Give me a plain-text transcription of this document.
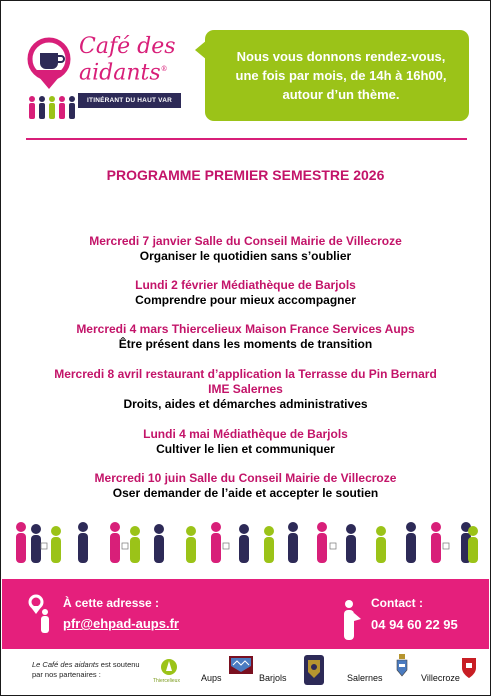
Café des
aidants®
ITINÉRANT DU HAUT VAR
Nous vous donnons rendez-vous,
une fois par mois, de 14h à 16h00,
autour d’un thème.
PROGRAMME PREMIER SEMESTRE 2026
Mercredi 7 janvier Salle du Conseil Mairie de Villecroze
Organiser le quotidien sans s’oublier
Lundi 2 février Médiathèque de Barjols
Comprendre pour mieux accompagner
Mercredi 4 mars Thiercelieux Maison France Services Aups
Être présent dans les moments de transition
Mercredi 8 avril restaurant d’application la Terrasse du Pin Bernard
IME Salernes
Droits, aides et démarches administratives
Lundi 4 mai Médiathèque de Barjols
Cultiver le lien et communiquer
Mercredi 10 juin Salle du Conseil Mairie de Villecroze
Oser demander de l’aide et accepter le soutien
À cette adresse :
pfr@ehpad-aups.fr
Contact :
04 94 60 22 95
Le Café des aidants est soutenu
par nos partenaires :
Thiercelieux Aups	Barjols	Salernes	Villecroze
